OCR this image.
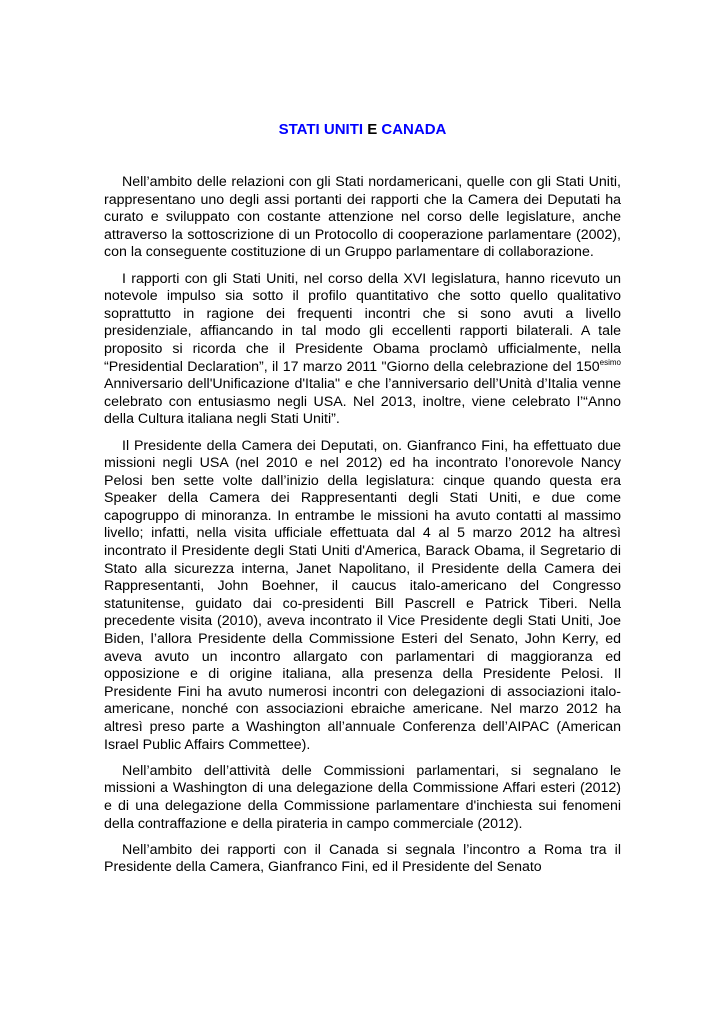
STATI UNITI E CANADA

Nell’ambito delle relazioni con gli Stati nordamericani, quelle con gli Stati Uniti, rappresentano uno degli assi portanti dei rapporti che la Camera dei Deputati ha curato e sviluppato con costante attenzione nel corso delle legislature, anche attraverso la sottoscrizione di un Protocollo di cooperazione parlamentare (2002), con la conseguente costituzione di un Gruppo parlamentare di collaborazione.

I rapporti con gli Stati Uniti, nel corso della XVI legislatura, hanno ricevuto un notevole impulso sia sotto il profilo quantitativo che sotto quello qualitativo soprattutto in ragione dei frequenti incontri che si sono avuti a livello presidenziale, affiancando in tal modo gli eccellenti rapporti bilaterali. A tale proposito si ricorda che il Presidente Obama proclamò ufficialmente, nella “Presidential Declaration”, il 17 marzo 2011 "Giorno della celebrazione del $150^{esimo}$ Anniversario dell'Unificazione d'Italia" e che l’anniversario dell’Unità d’Italia venne celebrato con entusiasmo negli USA. Nel 2013, inoltre, viene celebrato l’“Anno della Cultura italiana negli Stati Uniti”.

Il Presidente della Camera dei Deputati, on. Gianfranco Fini, ha effettuato due missioni negli USA (nel 2010 e nel 2012) ed ha incontrato l’onorevole Nancy Pelosi ben sette volte dall’inizio della legislatura: cinque quando questa era Speaker della Camera dei Rappresentanti degli Stati Uniti, e due come capogruppo di minoranza. In entrambe le missioni ha avuto contatti al massimo livello; infatti, nella visita ufficiale effettuata dal 4 al 5 marzo 2012 ha altresì incontrato il Presidente degli Stati Uniti d'America, Barack Obama, il Segretario di Stato alla sicurezza interna, Janet Napolitano, il Presidente della Camera dei Rappresentanti, John Boehner, il caucus italo-americano del Congresso statunitense, guidato dai co-presidenti Bill Pascrell e Patrick Tiberi. Nella precedente visita (2010), aveva incontrato il Vice Presidente degli Stati Uniti, Joe Biden, l’allora Presidente della Commissione Esteri del Senato, John Kerry, ed aveva avuto un incontro allargato con parlamentari di maggioranza ed opposizione e di origine italiana, alla presenza della Presidente Pelosi. Il Presidente Fini ha avuto numerosi incontri con delegazioni di associazioni italo-americane, nonché con associazioni ebraiche americane. Nel marzo 2012 ha altresì preso parte a Washington all’annuale Conferenza dell’AIPAC (American Israel Public Affairs Commettee).

Nell’ambito dell’attività delle Commissioni parlamentari, si segnalano le missioni a Washington di una delegazione della Commissione Affari esteri (2012) e di una delegazione della Commissione parlamentare d'inchiesta sui fenomeni della contraffazione e della pirateria in campo commerciale (2012).

Nell’ambito dei rapporti con il Canada si segnala l’incontro a Roma tra il Presidente della Camera, Gianfranco Fini, ed il Presidente del Senato
